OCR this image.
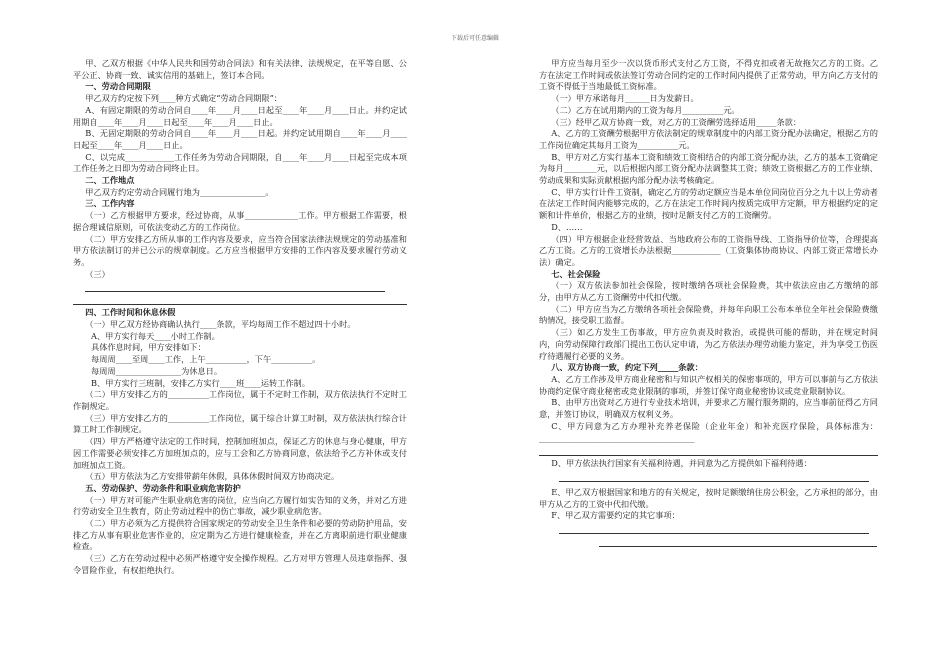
下载后可任意编辑

甲、乙双方根据《中华人民共和国劳动合同法》和有关法律、法规规定，在平等自愿、公平公正、协商一致、诚实信用的基础上，签订本合同。

一、劳动合同期限

甲乙双方约定按下列____种方式确定“劳动合同期限”：

A、有固定期限的劳动合同自____年____月____日起至____年____月____日止。并约定试用期自____年____月____日起至____年____月____日止。

B、无固定期限的劳动合同自____年____月____日起。并约定试用期自____年____月____日起至____年____月____日止。

C、以完成____________工作任务为劳动合同期限，自____年____月____日起至完成本项工作任务之日即为劳动合同终止日。

二、工作地点

甲乙双方约定劳动合同履行地为________________。

三、工作内容

（一）乙方根据甲方要求，经过协商，从事_____________工作。甲方根据工作需要，根据合理诚信原则，可依法变动乙方的工作岗位。

（二）甲方安排乙方所从事的工作内容及要求，应当符合国家法律法规规定的劳动基准和甲方依法制订的并已公示的规章制度。乙方应当根据甲方安排的工作内容及要求履行劳动义务。

（三）

四、工作时间和休息休假

（一）甲乙双方经协商确认执行____条款，平均每周工作不超过四十小时。

A、甲方实行每天____小时工作制。

具体作息时间，甲方安排如下：

每周周____至周____工作，上午__________，下午__________。

每周周________________为休息日。

B、甲方实行三班制，安排乙方实行____班____运转工作制。

（二）甲方安排乙方的__________工作岗位，属于不定时工作制，双方依法执行不定时工作制规定。

（三）甲方安排乙方的__________工作岗位，属于综合计算工时制，双方依法执行综合计算工时工作制规定。

（四）甲方严格遵守法定的工作时间，控制加班加点，保证乙方的休息与身心健康，甲方因工作需要必须安排乙方加班加点的，应与工会和乙方协商同意，依法给予乙方补休或支付加班加点工资。

（五）甲方依法为乙方安排带薪年休假，具体休假时间双方协商决定。

五、劳动保护、劳动条件和职业病危害防护

（一）甲方对可能产生职业病危害的岗位，应当向乙方履行如实告知的义务，并对乙方进行劳动安全卫生教育，防止劳动过程中的伤亡事故，减少职业病危害。

（二）甲方必须为乙方提供符合国家规定的劳动安全卫生条件和必要的劳动防护用品，安排乙方从事有职业危害作业的，应定期为乙方进行健康检查，并在乙方离职前进行职业健康检查。

（三）乙方在劳动过程中必须严格遵守安全操作规程。乙方对甲方管理人员违章指挥、强令冒险作业，有权拒绝执行。

甲方应当每月至少一次以货币形式支付乙方工资，不得克扣或者无故拖欠乙方的工资。乙方在法定工作时间或依法签订劳动合同约定的工作时间内提供了正常劳动，甲方向乙方支付的工资不得低于当地最低工资标准。

（一）甲方承诺每月______日为发薪日。

（二）乙方在试用期内的工资为每月__________元。

（三）经甲乙双方协商一致，对乙方的工资酬劳选择适用_____条款：

A、乙方的工资酬劳根据甲方依法制定的规章制度中的内部工资分配办法确定，根据乙方的工作岗位确定其每月工资为__________元。

B、甲方对乙方实行基本工资和绩效工资相结合的内部工资分配办法，乙方的基本工资确定为每月________元，以后根据内部工资分配办法调整其工资；绩效工资根据乙方的工作业绩、劳动成果和实际贡献根据内部分配办法考核确定。

C、甲方实行计件工资制，确定乙方的劳动定额应当是本单位同岗位百分之九十以上劳动者在法定工作时间内能够完成的，乙方在法定工作时间内按质完成甲方定额，甲方根据约定的定额和计件单价，根据乙方的业绩，按时足额支付乙方的工资酬劳。

D、……

（四）甲方根据企业经营效益、当地政府公布的工资指导线、工资指导价位等，合理提高乙方工资。乙方的工资增长办法根据____________（工资集体协商协议、内部工资正常增长办法）确定。

七、社会保险

（一）双方依法参加社会保险，按时缴纳各项社会保险费，其中依法应由乙方缴纳的部分，由甲方从乙方工资酬劳中代扣代缴。

（二）甲方应当为乙方缴纳各项社会保险费，并每年向职工公布本单位全年社会保险费缴纳情况，接受职工监督。

（三）如乙方发生工伤事故，甲方应负责及时救治，或提供可能的帮助，并在规定时间内，向劳动保障行政部门提出工伤认定申请，为乙方依法办理劳动能力鉴定，并为享受工伤医疗待遇履行必要的义务。

八、双方协商一致，约定下列_____条款：

A、乙方工作涉及甲方商业秘密和与知识产权相关的保密事项的，甲方可以事前与乙方依法协商约定保守商业秘密或竞业限制的事项，并签订保守商业秘密协议或竞业限制协议。

B、由甲方出资对乙方进行专业技术培训，并要求乙方履行服务期的，应当事前征得乙方同意，并签订协议，明确双方权利义务。

C、甲方同意为乙方办理补充养老保险（企业年金）和补充医疗保险，具体标准为：______________________________________

D、甲方依法执行国家有关福利待遇，并同意为乙方提供如下福利待遇：

E、甲乙双方根据国家和地方的有关规定，按时足额缴纳住房公积金，乙方承担的部分，由甲方从乙方的工资中代扣代缴。

F、甲乙双方需要约定的其它事项：
